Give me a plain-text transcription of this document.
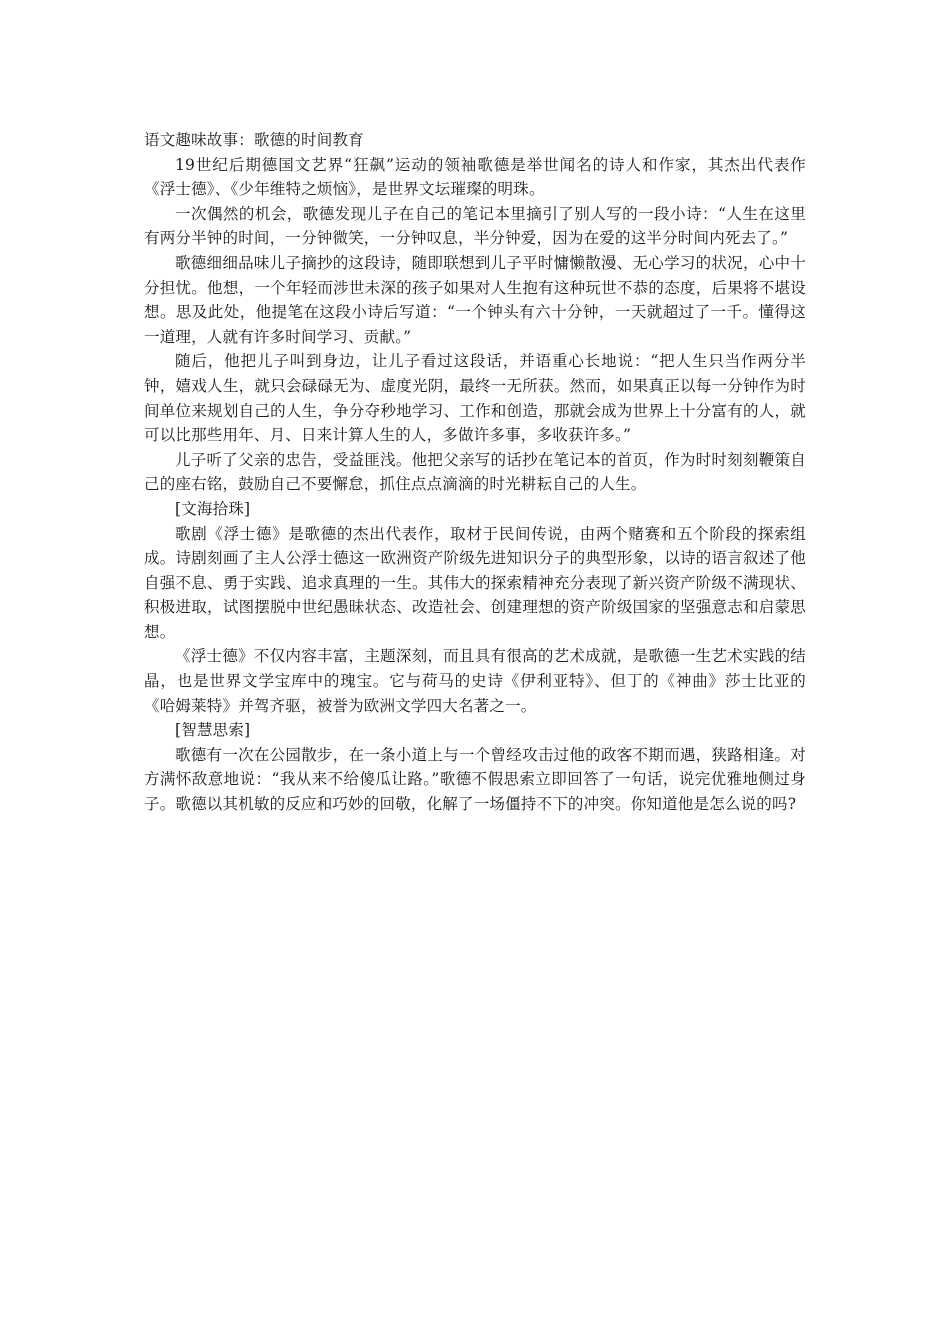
语文趣味故事：歌德的时间教育

19世纪后期德国文艺界“狂飙”运动的领袖歌德是举世闻名的诗人和作家，其杰出代表作《浮士德》、《少年维特之烦恼》，是世界文坛璀璨的明珠。

一次偶然的机会，歌德发现儿子在自己的笔记本里摘引了别人写的一段小诗：“人生在这里有两分半钟的时间，一分钟微笑，一分钟叹息，半分钟爱，因为在爱的这半分时间内死去了。”

歌德细细品味儿子摘抄的这段诗，随即联想到儿子平时慵懒散漫、无心学习的状况，心中十分担忧。他想，一个年轻而涉世未深的孩子如果对人生抱有这种玩世不恭的态度，后果将不堪设想。思及此处，他提笔在这段小诗后写道：“一个钟头有六十分钟，一天就超过了一千。懂得这一道理，人就有许多时间学习、贡献。”

随后，他把儿子叫到身边，让儿子看过这段话，并语重心长地说：“把人生只当作两分半钟，嬉戏人生，就只会碌碌无为、虚度光阴，最终一无所获。然而，如果真正以每一分钟作为时间单位来规划自己的人生，争分夺秒地学习、工作和创造，那就会成为世界上十分富有的人，就可以比那些用年、月、日来计算人生的人，多做许多事，多收获许多。”

儿子听了父亲的忠告，受益匪浅。他把父亲写的话抄在笔记本的首页，作为时时刻刻鞭策自己的座右铭，鼓励自己不要懈怠，抓住点点滴滴的时光耕耘自己的人生。

[文海拾珠]

歌剧《浮士德》是歌德的杰出代表作，取材于民间传说，由两个赌赛和五个阶段的探索组成。诗剧刻画了主人公浮士德这一欧洲资产阶级先进知识分子的典型形象，以诗的语言叙述了他自强不息、勇于实践、追求真理的一生。其伟大的探索精神充分表现了新兴资产阶级不满现状、积极进取，试图摆脱中世纪愚昧状态、改造社会、创建理想的资产阶级国家的坚强意志和启蒙思想。

《浮士德》不仅内容丰富，主题深刻，而且具有很高的艺术成就，是歌德一生艺术实践的结晶，也是世界文学宝库中的瑰宝。它与荷马的史诗《伊利亚特》、但丁的《神曲》莎士比亚的《哈姆莱特》并驾齐驱，被誉为欧洲文学四大名著之一。

[智慧思索]

歌德有一次在公园散步，在一条小道上与一个曾经攻击过他的政客不期而遇，狭路相逢。对方满怀敌意地说：“我从来不给傻瓜让路。”歌德不假思索立即回答了一句话，说完优雅地侧过身子。歌德以其机敏的反应和巧妙的回敬，化解了一场僵持不下的冲突。你知道他是怎么说的吗?
